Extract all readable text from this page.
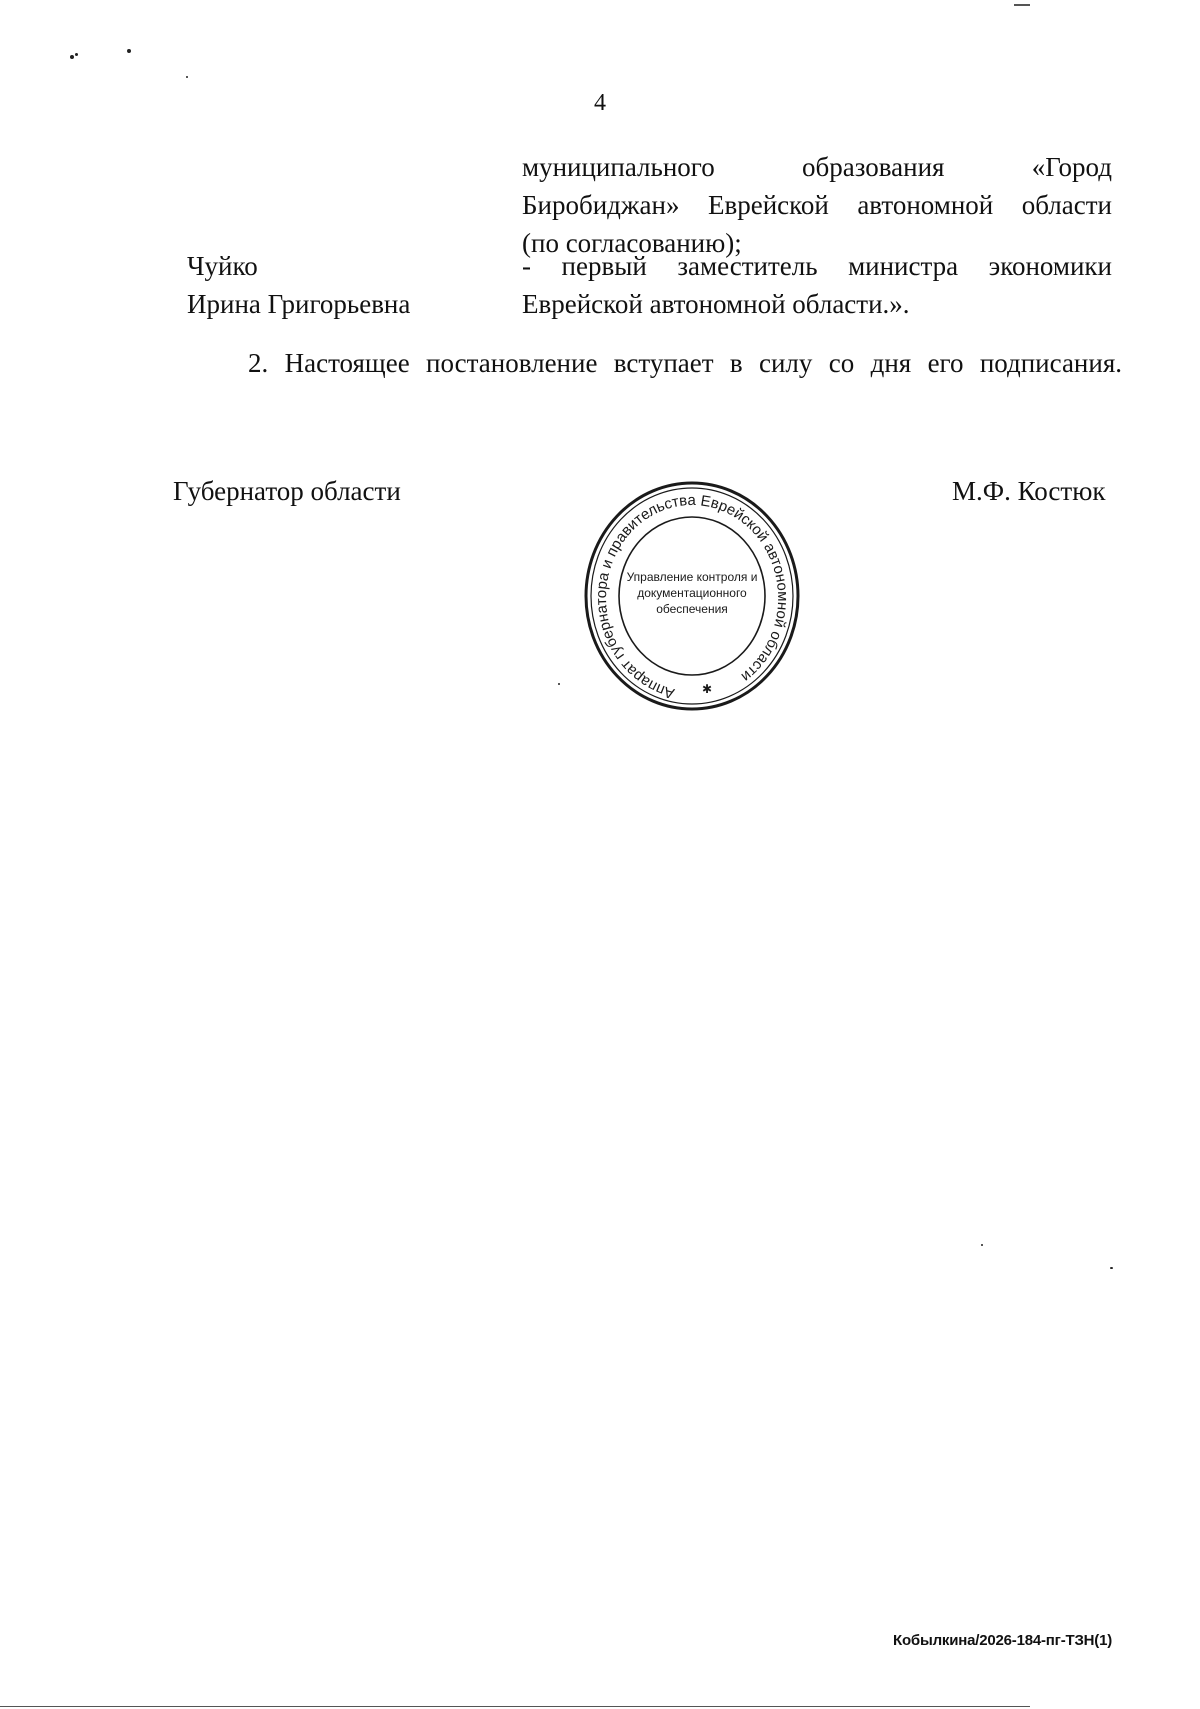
4
муниципального образования «Город
Биробиджан» Еврейской автономной области
(по согласованию);
Чуйко
Ирина Григорьевна
- первый заместитель министра экономики
Еврейской автономной области.».
2. Настоящее постановление вступает в силу со дня его подписания.
Губернатор области	М.Ф. Костюк
Аппарат губернатора и правительства Еврейской автономной области
Управление контроля и
документационного
обеспечения
✱
Кобылкина/2026-184-пг-ТЗН(1)
